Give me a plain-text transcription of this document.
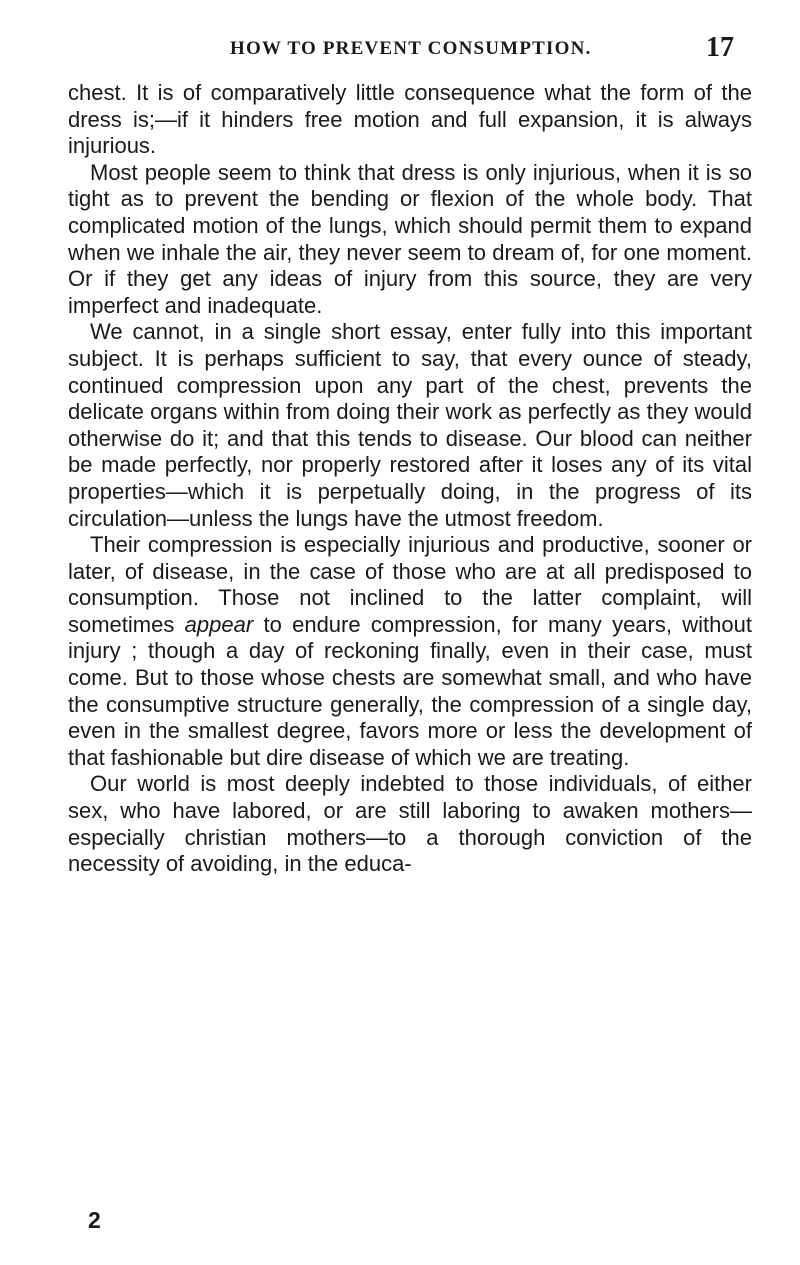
HOW TO PREVENT CONSUMPTION.	17

chest. It is of comparatively little consequence what the form of the dress is;—if it hinders free motion and full expansion, it is always injurious.

Most people seem to think that dress is only injurious, when it is so tight as to prevent the bending or flexion of the whole body. That complicated motion of the lungs, which should permit them to expand when we inhale the air, they never seem to dream of, for one moment. Or if they get any ideas of injury from this source, they are very imperfect and inadequate.

We cannot, in a single short essay, enter fully into this important subject. It is perhaps sufficient to say, that every ounce of steady, continued compression upon any part of the chest, prevents the delicate organs within from doing their work as perfectly as they would otherwise do it; and that this tends to disease. Our blood can neither be made perfectly, nor properly restored after it loses any of its vital properties—which it is perpetually doing, in the progress of its circulation—unless the lungs have the utmost freedom.

Their compression is especially injurious and productive, sooner or later, of disease, in the case of those who are at all predisposed to consumption. Those not inclined to the latter complaint, will sometimes appear to endure compression, for many years, without injury ; though a day of reckoning finally, even in their case, must come. But to those whose chests are somewhat small, and who have the consumptive structure generally, the compression of a single day, even in the smallest degree, favors more or less the development of that fashionable but dire disease of which we are treating.

Our world is most deeply indebted to those individuals, of either sex, who have labored, or are still laboring to awaken mothers—especially christian mothers—to a thorough conviction of the necessity of avoiding, in the educa-

2
